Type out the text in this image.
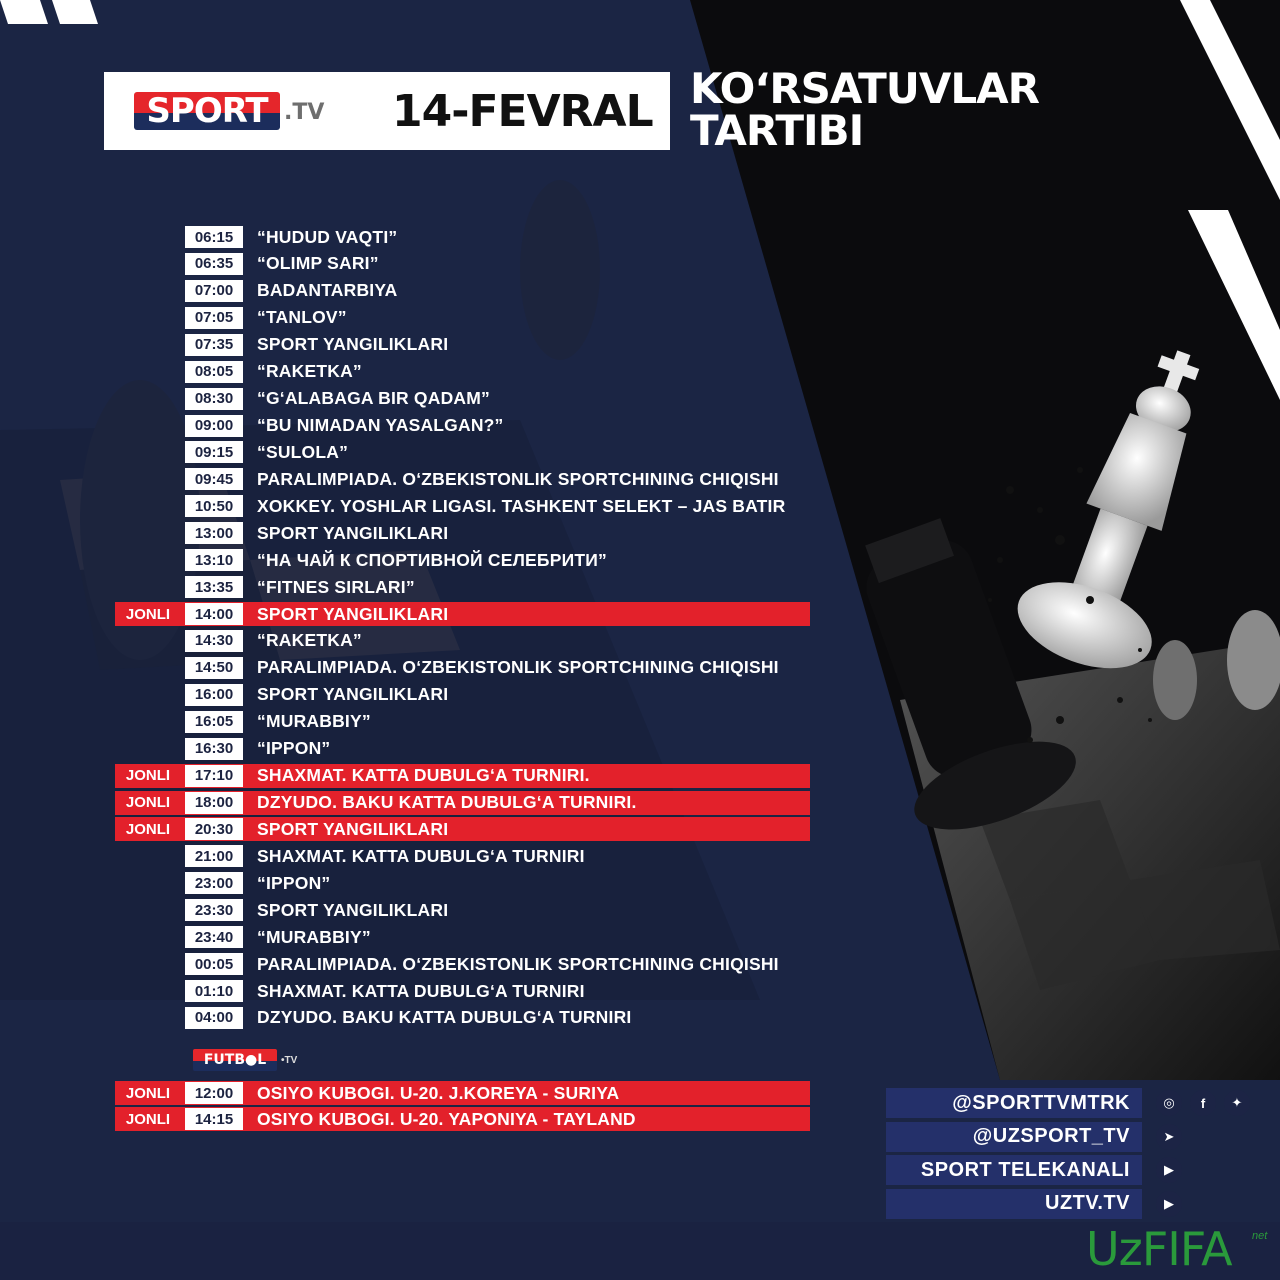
SPORT .TV 14-FEVRAL KO‘RSATUVLAR
TARTIBI
06:15	“HUDUD VAQTI”
06:35	“OLIMP SARI”
07:00	BADANTARBIYA
07:05	“TANLOV”
07:35	SPORT YANGILIKLARI
08:05	“RAKETKA”
08:30	“G‘ALABAGA BIR QADAM”
09:00	“BU NIMADAN YASALGAN?”
09:15	“SULOLA”
09:45	PARALIMPIADA. O‘ZBEKISTONLIK SPORTCHINING CHIQISHI
10:50	XOKKEY. YOSHLAR LIGASI. TASHKENT SELEKT – JAS BATIR
13:00	SPORT YANGILIKLARI
13:10	“НА ЧАЙ К СПОРТИВНОЙ СЕЛЕБРИТИ”
13:35	“FITNES SIRLARI”
JONLI	14:00	SPORT YANGILIKLARI
14:30	“RAKETKA”
14:50	PARALIMPIADA. O‘ZBEKISTONLIK SPORTCHINING CHIQISHI
16:00	SPORT YANGILIKLARI
16:05	“MURABBIY”
16:30	“IPPON”
JONLI	17:10	SHAXMAT. KATTA DUBULG‘A TURNIRI.
JONLI	18:00	DZYUDO. BAKU KATTA DUBULG‘A TURNIRI.
JONLI	20:30	SPORT YANGILIKLARI
21:00	SHAXMAT. KATTA DUBULG‘A TURNIRI
23:00	“IPPON”
23:30	SPORT YANGILIKLARI
23:40	“MURABBIY”
00:05	PARALIMPIADA. O‘ZBEKISTONLIK SPORTCHINING CHIQISHI
01:10	SHAXMAT. KATTA DUBULG‘A TURNIRI
04:00	DZYUDO. BAKU KATTA DUBULG‘A TURNIRI
FUTB●L	•TV
JONLI	12:00	OSIYO KUBOGI. U-20. J.KOREYA - SURIYA
JONLI	14:15	OSIYO KUBOGI. U-20. YAPONIYA - TAYLAND
@SPORTTVMTRK	◎	f	✦
@UZSPORT_TV	➤
SPORT TELEKANALI	▶
UZTV.TV	▶
UzFIFA net
